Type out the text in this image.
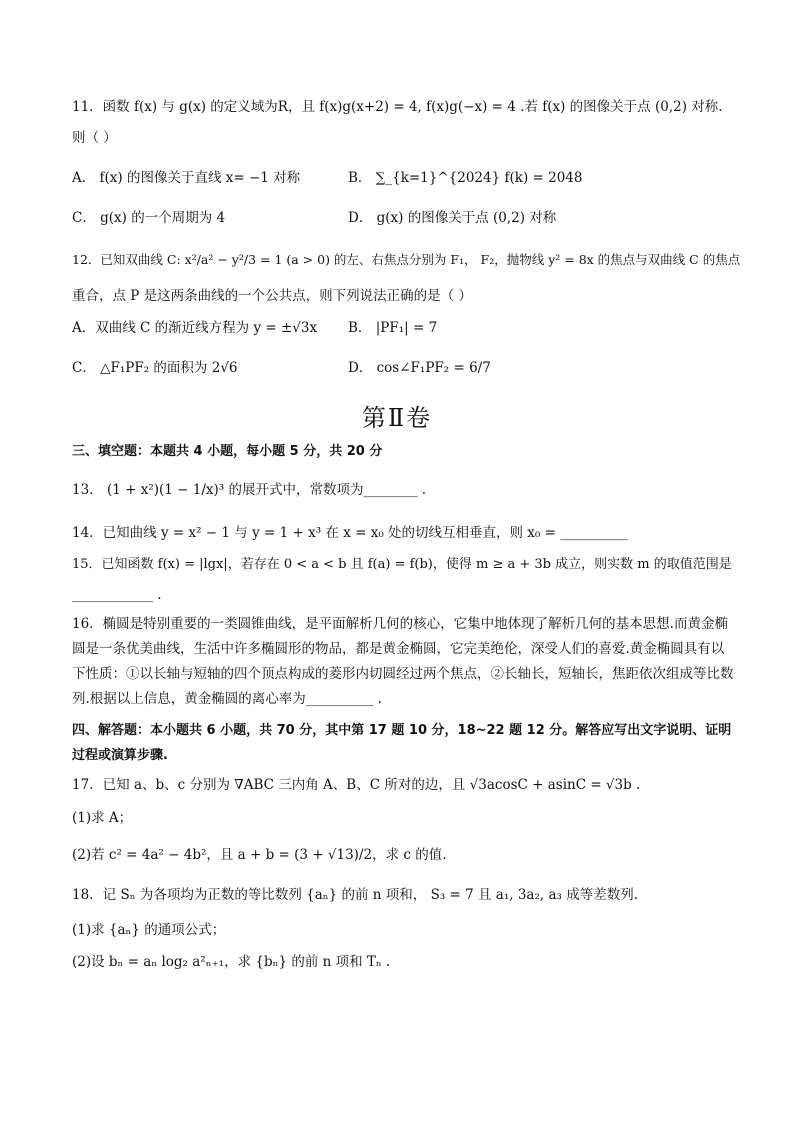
11．函数 f(x) 与 g(x) 的定义域为R，且 f(x)g(x+2) = 4, f(x)g(−x) = 4 .若 f(x) 的图像关于点 (0,2) 对称.
则（ ）
A． f(x) 的图像关于直线 x= −1 对称	B． ∑_{k=1}^{2024} f(k) = 2048
C． g(x) 的一个周期为 4	D． g(x) 的图像关于点 (0,2) 对称
12．已知双曲线 C: x²/a² − y²/3 = 1 (a > 0) 的左、右焦点分别为 F₁， F₂，抛物线 y² = 8x 的焦点与双曲线 C 的焦点
重合，点 P 是这两条曲线的一个公共点，则下列说法正确的是（ ）
A．双曲线 C 的渐近线方程为 y = ±√3x B． |PF₁| = 7
C． △F₁PF₂ 的面积为 2√6	D． cos∠F₁PF₂ = 6/7
第Ⅱ卷
三、填空题：本题共 4 小题，每小题 5 分，共 20 分
13． (1 + x²)(1 − 1/x)³ 的展开式中，常数项为________ .
14．已知曲线 y = x² − 1 与 y = 1 + x³ 在 x = x₀ 处的切线互相垂直，则 x₀ = __________
15．已知函数 f(x) = |lgx|，若存在 0 < a < b 且 f(a) = f(b)，使得 m ≥ a + 3b 成立，则实数 m 的取值范围是
____________ .
16．椭圆是特别重要的一类圆锥曲线，是平面解析几何的核心，它集中地体现了解析几何的基本思想.而黄金椭圆是一条优美曲线，生活中许多椭圆形的物品，都是黄金椭圆，它完美绝伦，深受人们的喜爱.黄金椭圆具有以下性质：①以长轴与短轴的四个顶点构成的菱形内切圆经过两个焦点，②长轴长，短轴长，焦距依次组成等比数列.根据以上信息，黄金椭圆的离心率为__________ .
四、解答题：本小题共 6 小题，共 70 分，其中第 17 题 10 分，18~22 题 12 分。解答应写出文字说明、证明过程或演算步骤.
17．已知 a、b、c 分别为 ∇ABC 三内角 A、B、C 所对的边，且 √3acosC + asinC = √3b .
(1)求 A；
(2)若 c² = 4a² − 4b²，且 a + b = (3 + √13)/2，求 c 的值.
18．记 Sₙ 为各项均为正数的等比数列 {aₙ} 的前 n 项和， S₃ = 7 且 a₁, 3a₂, a₃ 成等差数列.
(1)求 {aₙ} 的通项公式；
(2)设 bₙ = aₙ log₂ a²ₙ₊₁，求 {bₙ} 的前 n 项和 Tₙ .
